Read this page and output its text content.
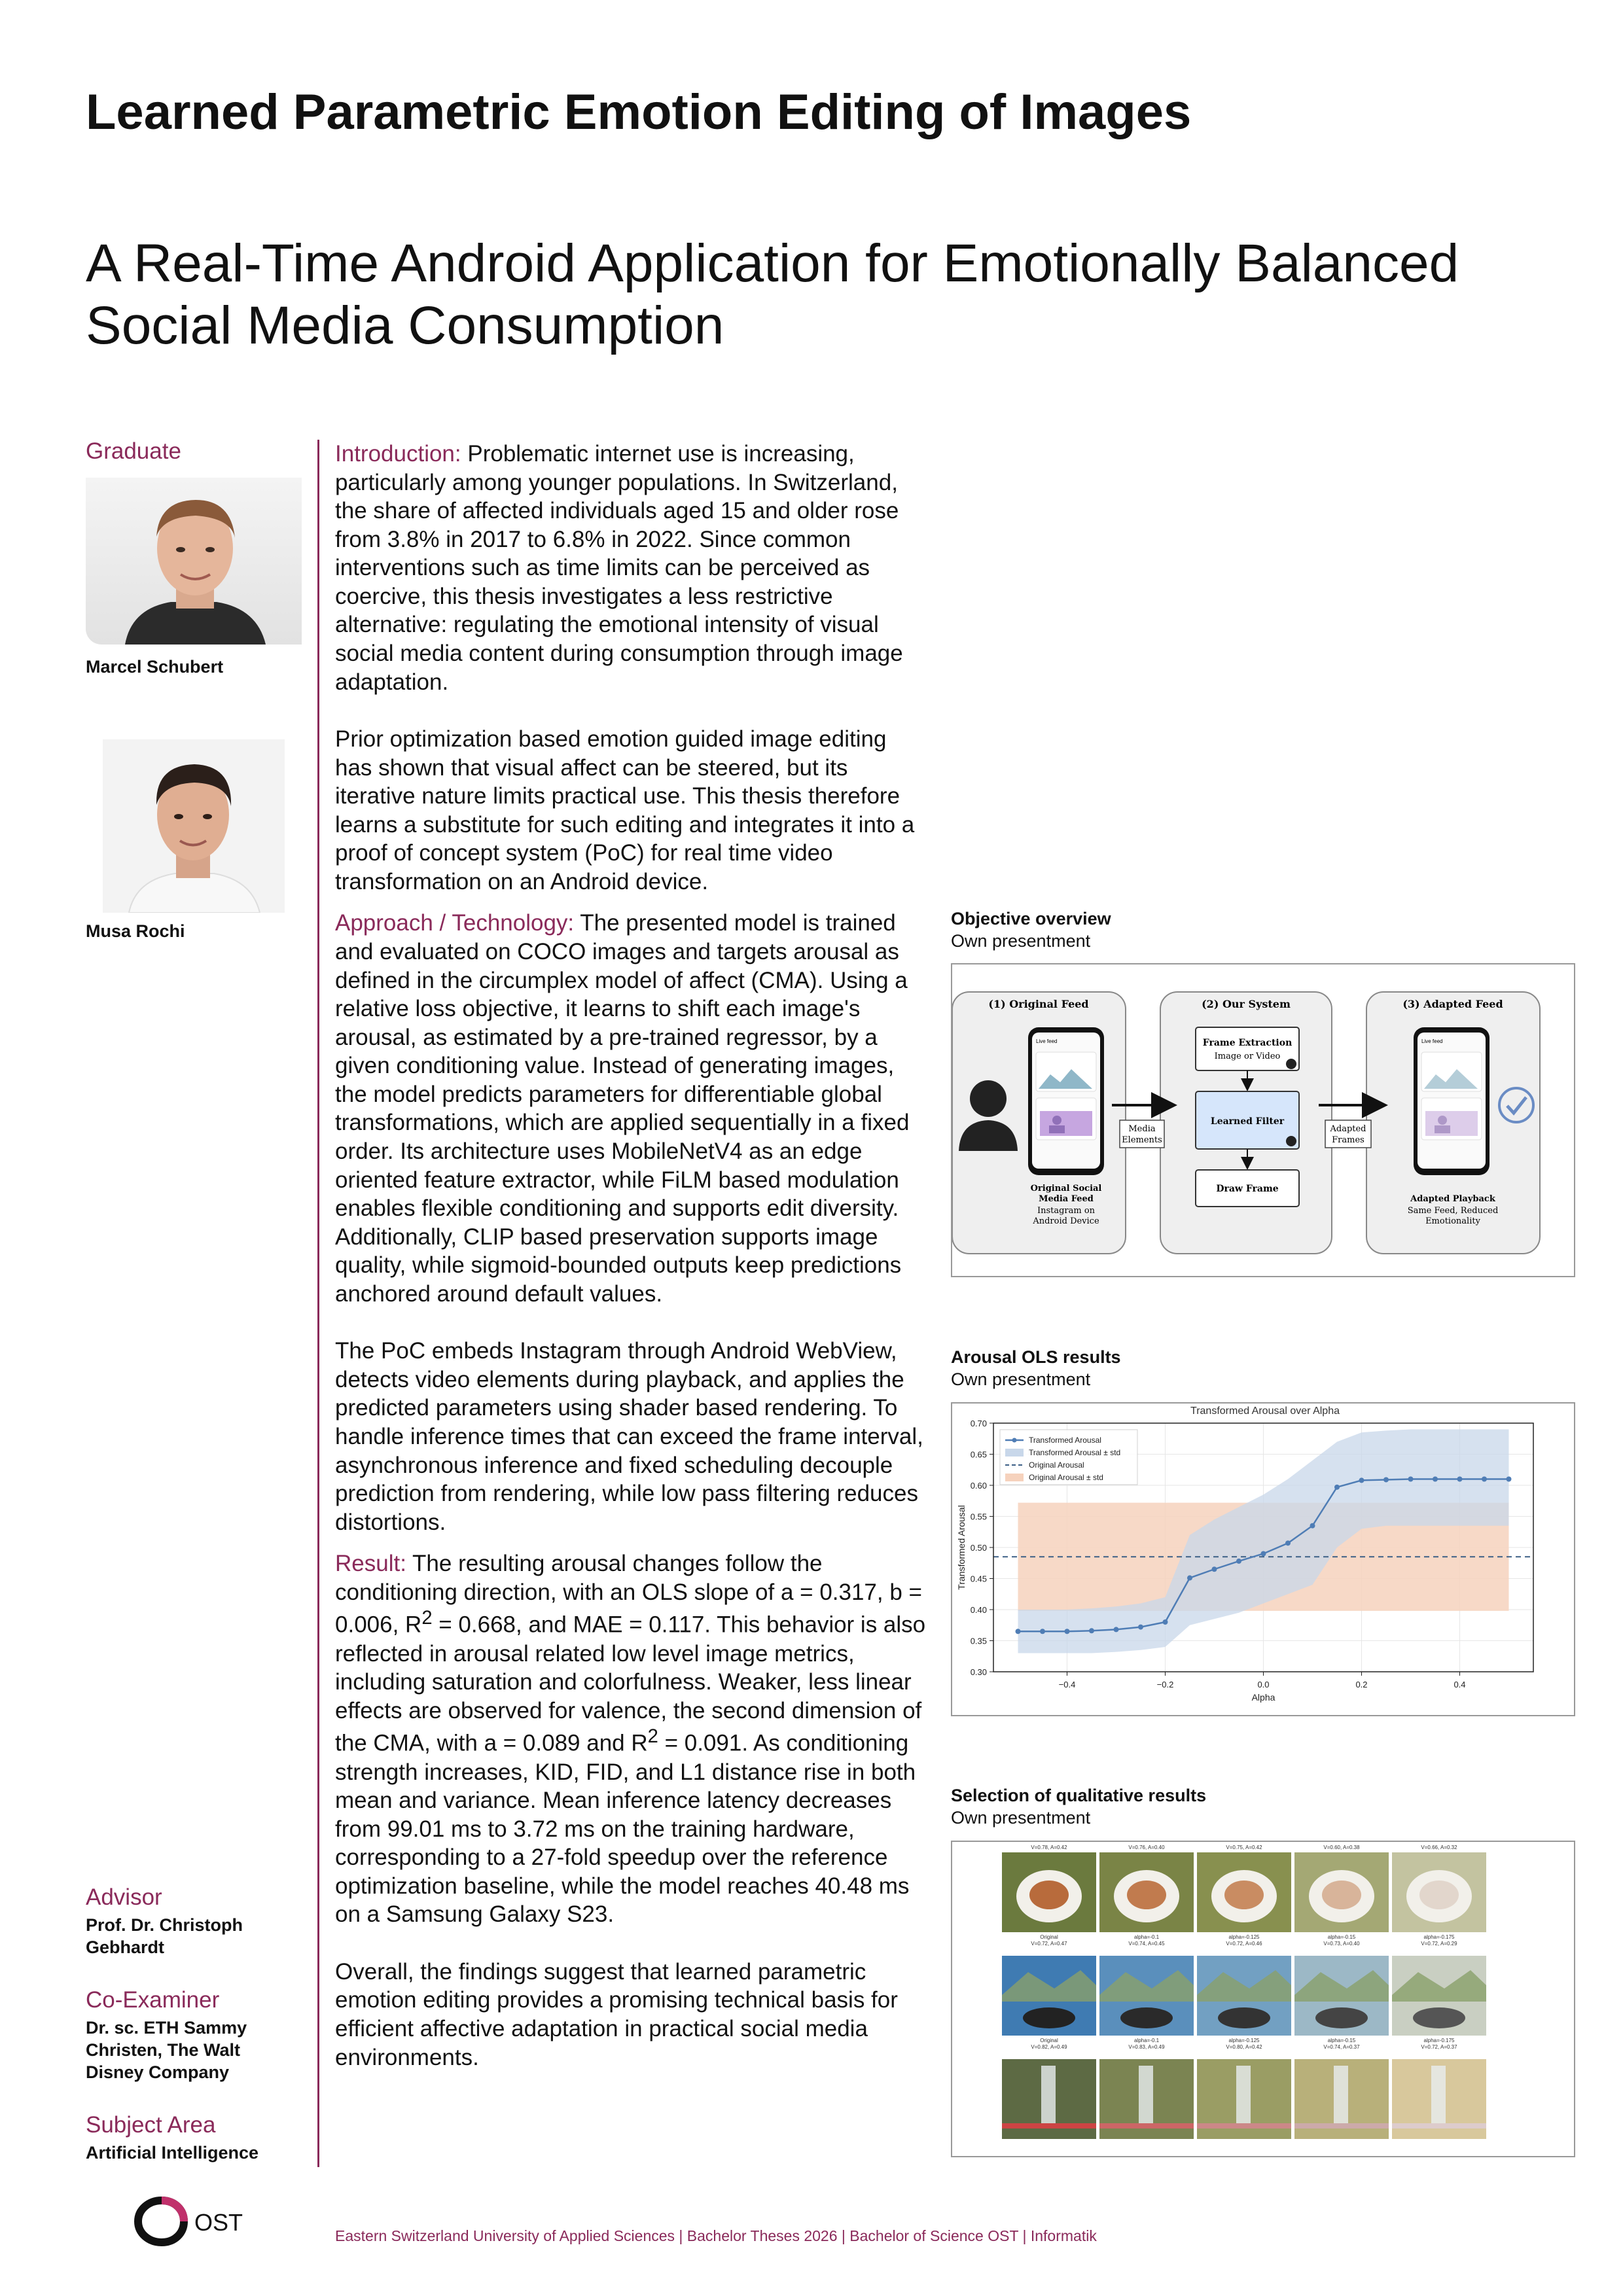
Learned Parametric Emotion Editing of Images
A Real-Time Android Application for Emotionally Balanced Social Media Consumption
Graduate
Marcel Schubert
Musa Rochi
Advisor
Prof. Dr. Christoph
Gebhardt
Co-Examiner
Dr. sc. ETH Sammy
Christen, The Walt
Disney Company
Subject Area
Artificial Intelligence

Introduction: Problematic internet use is increasing, particularly among younger populations. In Switzerland, the share of affected individuals aged 15 and older rose from 3.8% in 2017 to 6.8% in 2022. Since common interventions such as time limits can be perceived as coercive, this thesis investigates a less restrictive alternative: regulating the emotional intensity of visual social media content during consumption through image adaptation.

Prior optimization based emotion guided image editing has shown that visual affect can be steered, but its iterative nature limits practical use. This thesis therefore learns a substitute for such editing and integrates it into a proof of concept system (PoC) for real time video transformation on an Android device.

Approach / Technology: The presented model is trained and evaluated on COCO images and targets arousal as defined in the circumplex model of affect (CMA). Using a relative loss objective, it learns to shift each image's arousal, as estimated by a pre-trained regressor, by a given conditioning value. Instead of generating images, the model predicts parameters for differentiable global transformations, which are applied sequentially in a fixed order. Its architecture uses MobileNetV4 as an edge oriented feature extractor, while FiLM based modulation enables flexible conditioning and supports edit diversity. Additionally, CLIP based preservation supports image quality, while sigmoid-bounded outputs keep predictions anchored around default values.

The PoC embeds Instagram through Android WebView, detects video elements during playback, and applies the predicted parameters using shader based rendering. To handle inference times that can exceed the frame interval, asynchronous inference and fixed scheduling decouple prediction from rendering, while low pass filtering reduces distortions.

Result: The resulting arousal changes follow the conditioning direction, with an OLS slope of a = 0.317, b = 0.006, $R^2 = 0.668$, and MAE = 0.117. This behavior is also reflected in arousal related low level image metrics, including saturation and colorfulness. Weaker, less linear effects are observed for valence, the second dimension of the CMA, with a = 0.089 and $R^2 = 0.091$. As conditioning strength increases, KID, FID, and L1 distance rise in both mean and variance. Mean inference latency decreases from 99.01 ms to 3.72 ms on the training hardware, corresponding to a 27-fold speedup over the reference optimization baseline, while the model reaches 40.48 ms on a Samsung Galaxy S23.

Overall, the findings suggest that learned parametric emotion editing provides a promising technical basis for efficient affective adaptation in practical social media environments.

Objective overview
Own presentment
(1) Original Feed	(2) Our System	(3) Adapted Feed
Live feed
Original Social
Media Feed
Instagram on
Android Device
Media
Elements
Frame Extraction
Image or Video
Learned Filter
Draw Frame
Adapted
Frames
Live feed
Adapted Playback
Same Feed, Reduced
Emotionality
Arousal OLS results
Own presentment
Transformed Arousal over Alpha
0.30
0.35
0.40
0.45
0.50
0.55
0.60
0.65
0.70
−0.4	−0.2	0.0	0.2	0.4
Alpha
Transformed Arousal
Transformed Arousal
Transformed Arousal ± std
Original Arousal
Original Arousal ± std
Selection of qualitative results
Own presentment
V=0.78, A=0.42	V=0.76, A=0.40	V=0.75, A=0.42	V=0.60, A=0.38	V=0.66, A=0.32
Original
V=0.72, A=0.47
alpha=-0.1
V=0.74, A=0.45
alpha=-0.125
V=0.72, A=0.46
alpha=-0.15
V=0.73, A=0.40
alpha=-0.175
V=0.72, A=0.29
Original
V=0.82, A=0.49
alpha=-0.1
V=0.83, A=0.49
alpha=-0.125
V=0.80, A=0.42
alpha=-0.15
V=0.74, A=0.37
alpha=-0.175
V=0.72, A=0.37
OST	Eastern Switzerland University of Applied Sciences | Bachelor Theses 2026 | Bachelor of Science OST | Informatik
